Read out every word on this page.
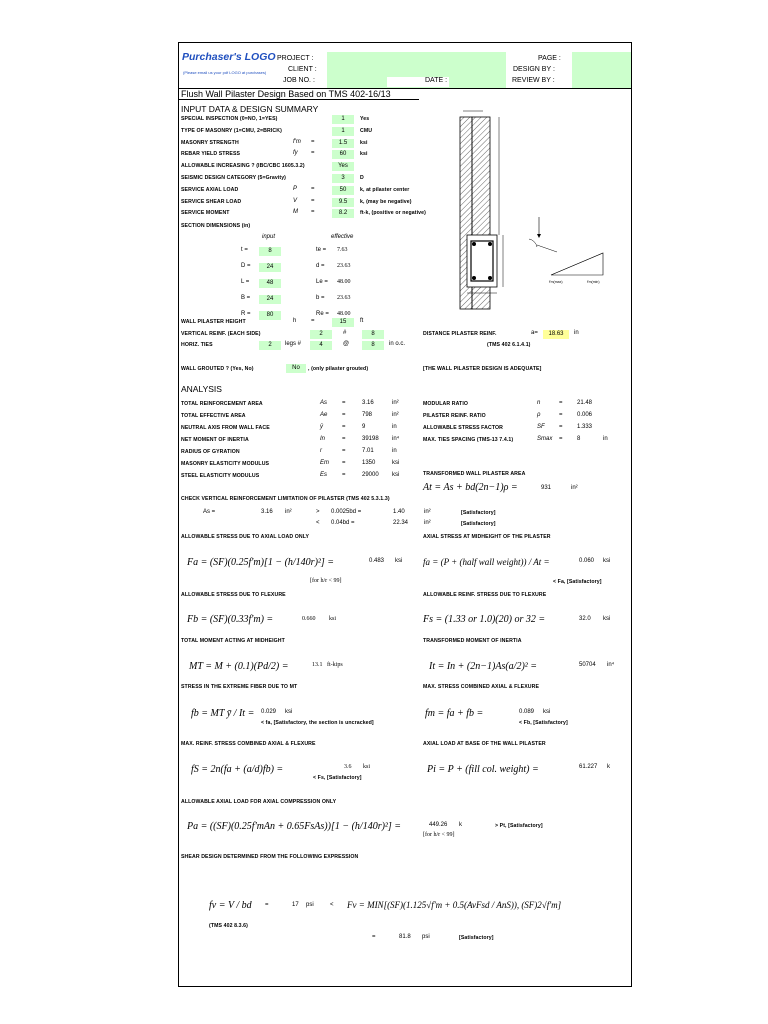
Purchaser's LOGO
(Please email us your pdf LOGO at purchases)
PROJECT :
CLIENT :
JOB NO. :	DATE :
PAGE :
DESIGN BY :
REVIEW BY :
Flush Wall Pilaster Design Based on TMS 402-16/13
INPUT DATA & DESIGN SUMMARY
SPECIAL INSPECTION (0=NO, 1=YES)	1	Yes
TYPE OF MASONRY (1=CMU, 2=BRICK)	1	CMU
MASONRY STRENGTH	f'm =	1.5	ksi
REBAR YIELD STRESS	fy =	60	ksi
ALLOWABLE INCREASING ? (IBC/CBC 1605.3.2)	Yes
SEISMIC DESIGN CATEGORY (5=Gravity)	3	D
SERVICE AXIAL LOAD	P =	50	k, at pilaster center
SERVICE SHEAR LOAD	V =	9.5	k, (may be negative)
SERVICE MOMENT	M =	8.2	ft-k, (positive or negative)
SECTION DIMENSIONS (in)
input	effective
t =	8	te = 7.63
D =	24	d = 23.63
L =	48	Le = 48.00
B =	24	b = 23.63
R =	80	Re = 48.00
f'm(max)	f'm(min)
WALL PILASTER HEIGHT	h =	15	ft
VERTICAL REINF. (EACH SIDE)	2	#	8
HORIZ. TIES	2	legs #	4	@	8	in o.c.
DISTANCE PILASTER REINF.	a=	18.63	in
(TMS 402 6.1.4.1)
WALL GROUTED ? (Yes, No)	No	, (only pilaster grouted)	[THE WALL PILASTER DESIGN IS ADEQUATE]
ANALYSIS
TOTAL REINFORCEMENT AREA	As =	3.16	in²
TOTAL EFFECTIVE AREA	Ae =	798	in²
NEUTRAL AXIS FROM WALL FACE	ȳ	=	9	in
NET MOMENT OF INERTIA	In	=	39198 in⁴
RADIUS OF GYRATION	r	=	7.01	in
MASONRY ELASTICITY MODULUS	Em =	1350	ksi
STEEL ELASTICITY MODULUS	Es =	29000 ksi
MODULAR RATIO	n	= 21.48
PILASTER REINF. RATIO	ρ	= 0.006
ALLOWABLE STRESS FACTOR	SF = 1.333
MAX. TIES SPACING (TMS-13 7.4.1)	Smax = 8	in
TRANSFORMED WALL PILASTER AREA
At = As + bd(2n−1)ρ =	931	in²
CHECK VERTICAL REINFORCEMENT LIMITATION OF PILASTER (TMS 402 5.3.1.3)
As =	3.16 in²	> 0.0025bd =	1.40	in²	[Satisfactory]
< 0.04bd =	22.34	in²	[Satisfactory]
ALLOWABLE STRESS DUE TO AXIAL LOAD ONLY
Fa = (SF)(0.25f'm)[1 − (h/140r)²] =	0.483 ksi
[for h/r < 99]
AXIAL STRESS AT MIDHEIGHT OF THE PILASTER
fa = (P + (half wall weight)) / At =	0.060 ksi
< Fa, [Satisfactory]
ALLOWABLE STRESS DUE TO FLEXURE
Fb = (SF)(0.33f'm) =	0.660 ksi
ALLOWABLE REINF. STRESS DUE TO FLEXURE
Fs = (1.33 or 1.0)(20) or 32 =	32.0 ksi
TOTAL MOMENT ACTING AT MIDHEIGHT
MT = M + (0.1)(Pd/2) =	13.1 ft-kips
TRANSFORMED MOMENT OF INERTIA
It = In + (2n−1)As(a/2)² =	50704 in⁴
STRESS IN THE EXTREME FIBER DUE TO MT
fb = MT ȳ / It = 0.029 ksi
< fa, [Satisfactory, the section is uncracked]
MAX. STRESS COMBINED AXIAL & FLEXURE
fm = fa + fb =	0.089 ksi
< Fb, [Satisfactory]
MAX. REINF. STRESS COMBINED AXIAL & FLEXURE
fS = 2n(fa + (a/d)fb) =	3.6 ksi
< Fs, [Satisfactory]
AXIAL LOAD AT BASE OF THE WALL PILASTER
Pi = P + (fill col. weight) =	61.227 k
ALLOWABLE AXIAL LOAD FOR AXIAL COMPRESSION ONLY
Pa = ((SF)(0.25f'mAn + 0.65FsAs))[1 − (h/140r)²] =	449.26 k
[for h/r < 99]
> Pt, [Satisfactory]
SHEAR DESIGN DETERMINED FROM THE FOLLOWING EXPRESSION
fv = V / bd =	17 psi	< Fv = MIN[(SF)(1.125√f'm + 0.5(AvFsd / AnS)), (SF)2√f'm]
(TMS 402 8.3.6)
=	81.8 psi	[Satisfactory]
